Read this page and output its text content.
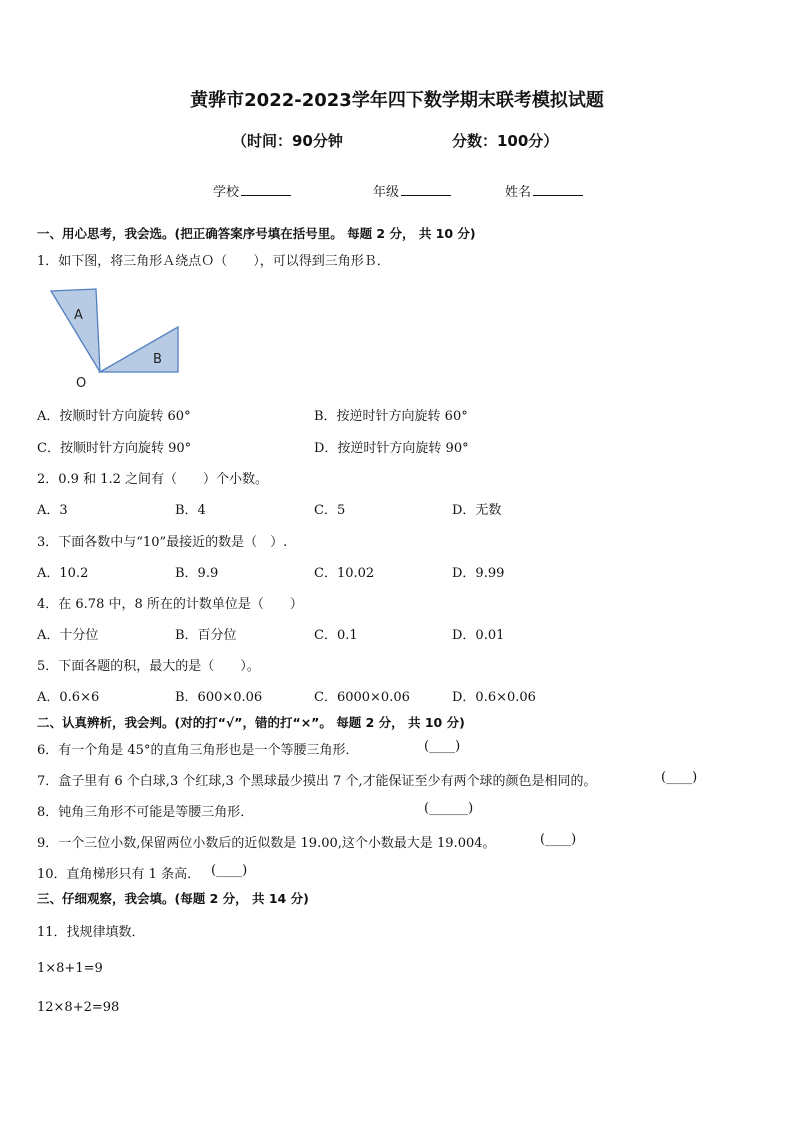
黄骅市2022-2023学年四下数学期末联考模拟试题
（时间：90分钟	分数：100分）
学校	年级	姓名
一、用心思考，我会选。(把正确答案序号填在括号里。 每题 2 分， 共 10 分)
1．如下图，将三角形Ａ绕点Ｏ（　　），可以得到三角形Ｂ．
A
B
O
A．按顺时针方向旋转 60°	B．按逆时针方向旋转 60°
C．按顺时针方向旋转 90°	D．按逆时针方向旋转 90°
2．0.9 和 1.2 之间有（　　）个小数。
A．3	B．4	C．5	D．无数
3．下面各数中与“10”最接近的数是（　）.
A．10.2	B．9.9	C．10.02	D．9.99
4．在 6.78 中，8 所在的计数单位是（　　）
A．十分位	B．百分位	C．0.1	D．0.01
5．下面各题的积，最大的是（　　）。
A．0.6×6	B．600×0.06	C．6000×0.06	D．0.6×0.06
二、认真辨析，我会判。(对的打“√”，错的打“×”。 每题 2 分， 共 10 分)
6．有一个角是 45°的直角三角形也是一个等腰三角形．	(____)
7．盒子里有 6 个白球,3 个红球,3 个黑球最少摸出 7 个,才能保证至少有两个球的颜色是相同的。	(____)
8．钝角三角形不可能是等腰三角形．	(______)
9．一个三位小数,保留两位小数后的近似数是 19.00,这个小数最大是 19.004。	(____)
10．直角梯形只有 1 条高． (____)
三、仔细观察，我会填。(每题 2 分， 共 14 分)
11．找规律填数．
1×8+1=9
12×8+2=98
